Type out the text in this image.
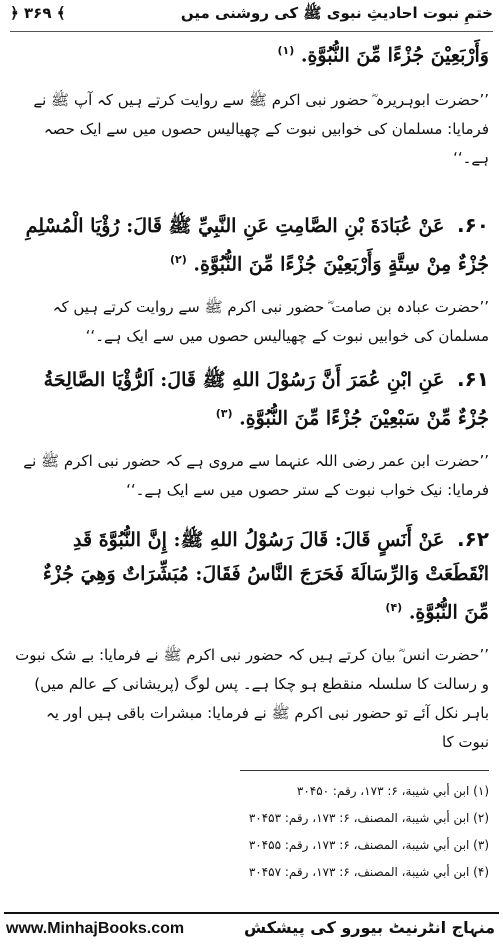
ختمِ نبوت احادیثِ نبوی ﷺ کی روشنی میں
﴿ ۳۶۹ ﴾
وَأَرْبَعِيْنَ جُزْءًا مِّنَ النُّبُوَّةِ. $^{(۱)}$
’’حضرت ابوہریرہ ؓ حضور نبی اکرم ﷺ سے روایت کرتے ہیں کہ آپ ﷺ نے فرمایا: مسلمان کی خوابیں نبوت کے چھیالیس حصوں میں سے ایک حصہ ہے۔‘‘
۶۰. عَنْ عُبَادَةَ بْنِ الصَّامِتِ عَنِ النَّبِيِّ ﷺ قَالَ: رُؤْيَا الْمُسْلِمِ جُزْءٌ مِنْ سِتَّةٍ وَأَرْبَعِيْنَ جُزْءًا مِّنَ النُّبُوَّةِ. $^{(۲)}$
’’حضرت عبادہ بن صامت ؓ حضور نبی اکرم ﷺ سے روایت کرتے ہیں کہ مسلمان کی خوابیں نبوت کے چھیالیس حصوں میں سے ایک ہے۔‘‘
۶۱. عَنِ ابْنِ عُمَرَ أَنَّ رَسُوْلَ اللهِ ﷺ قَالَ: اَلرُّؤْيَا الصَّالِحَةُ جُزْءٌ مِّنْ سَبْعِيْنَ جُزْءًا مِّنَ النُّبُوَّةِ. $^{(۳)}$
’’حضرت ابن عمر رضی اللہ عنہما سے مروی ہے کہ حضور نبی اکرم ﷺ نے فرمایا: نیک خواب نبوت کے ستر حصوں میں سے ایک ہے۔‘‘
۶۲. عَنْ أَنَسٍ قَالَ: قَالَ رَسُوْلُ اللهِ ﷺ: إِنَّ النُّبُوَّةَ قَدِ انْقَطَعَتْ وَالرِّسَالَةَ فَحَرَجَ النَّاسُ فَقَالَ: مُبَشِّرَاتٌ وَهِيَ جُزْءٌ مِّنَ النُّبُوَّةِ. $^{(۴)}$
’’حضرت انس ؓ بیان کرتے ہیں کہ حضور نبی اکرم ﷺ نے فرمایا: بے شک نبوت و رسالت کا سلسلہ منقطع ہو چکا ہے۔ پس لوگ (پریشانی کے عالم میں) باہر نکل آئے تو حضور نبی اکرم ﷺ نے فرمایا: مبشرات باقی ہیں اور یہ نبوت کا
(۱) ابن أبي شيبة، ۶: ۱۷۳، رقم: ۳۰۴۵۰
(۲) ابن أبي شيبة، المصنف، ۶: ۱۷۳، رقم: ۳۰۴۵۳
(۳) ابن أبي شيبة، المصنف، ۶: ۱۷۳، رقم: ۳۰۴۵۵
(۴) ابن أبي شيبة، المصنف، ۶: ۱۷۳، رقم: ۳۰۴۵۷
www.MinhajBooks.com	منہاج انٹرنیٹ بیورو کی پیشکش
